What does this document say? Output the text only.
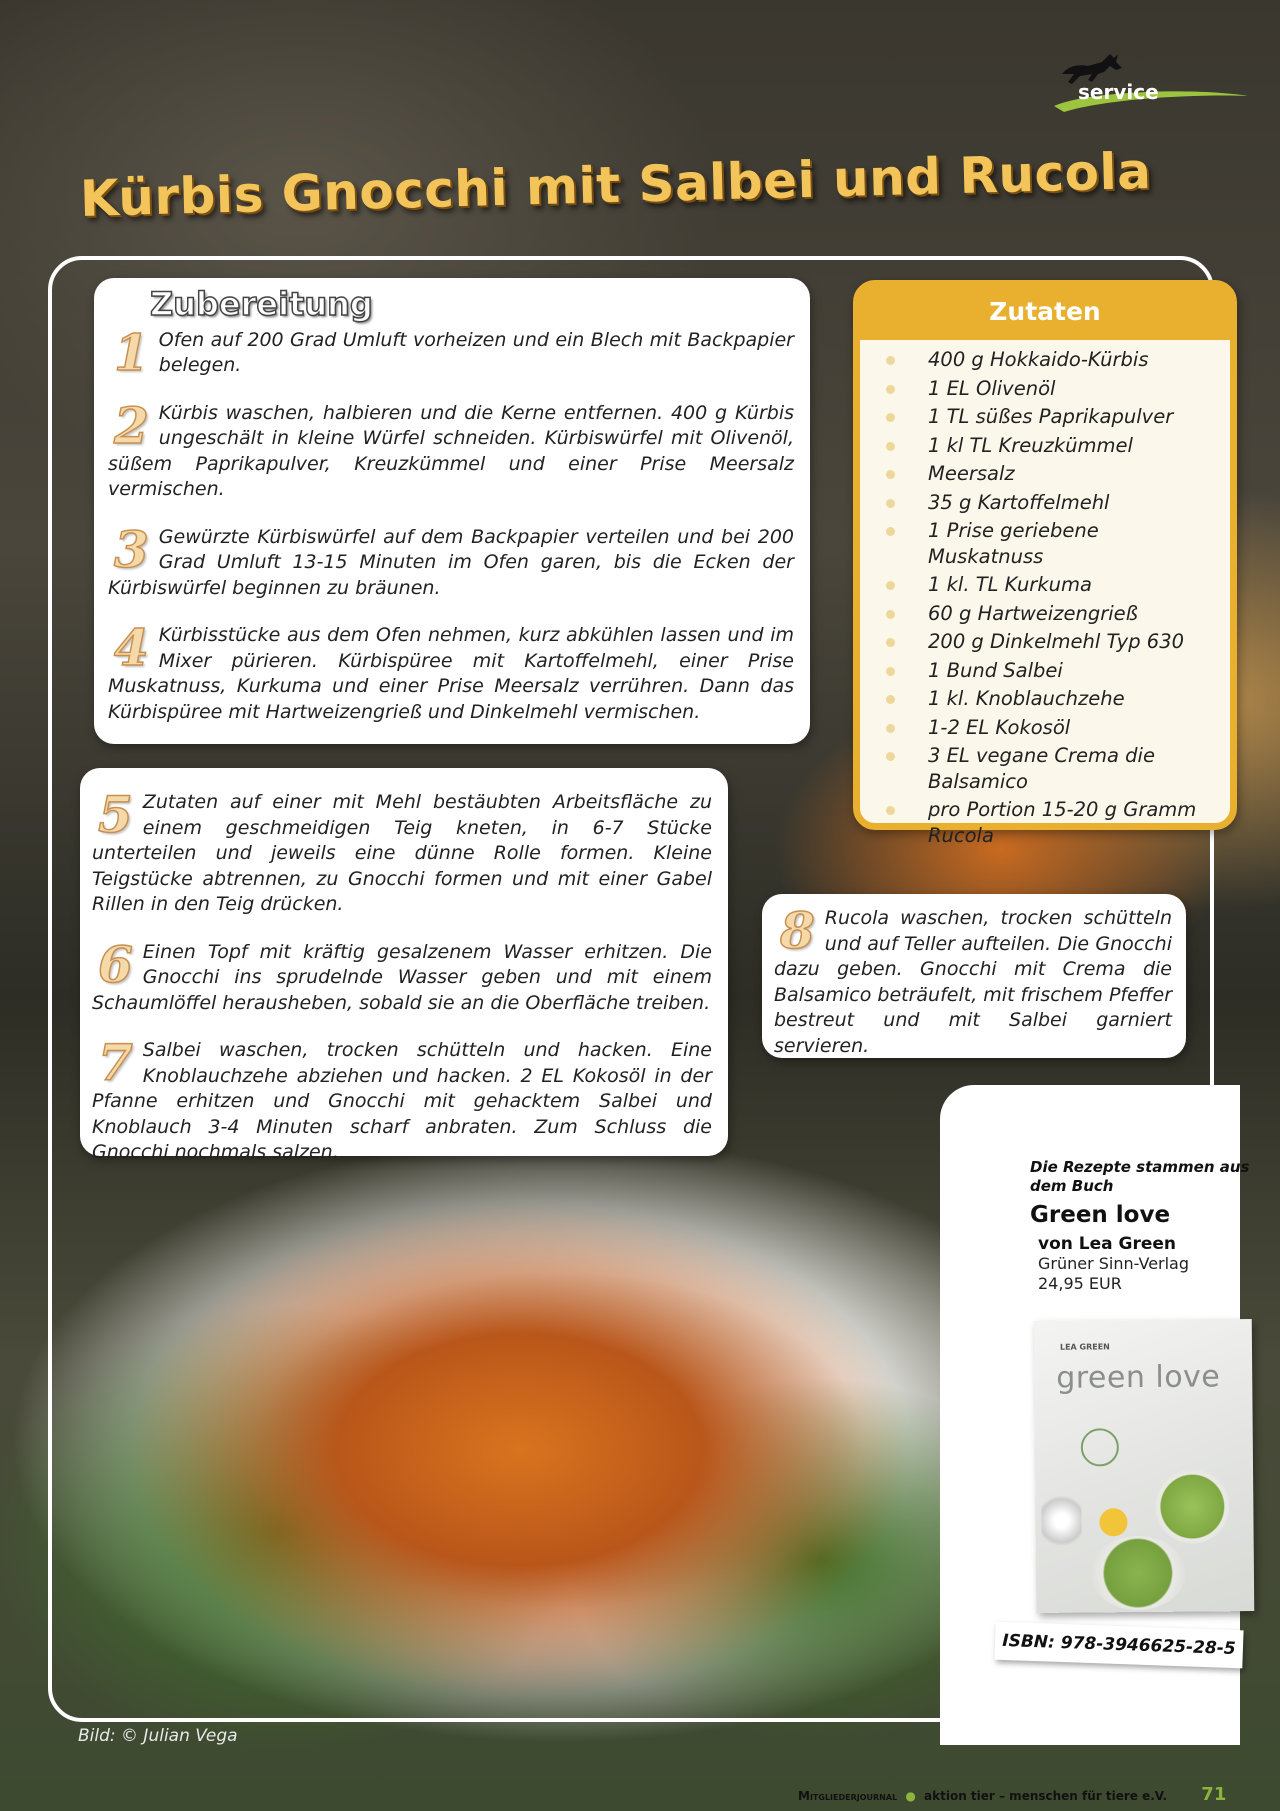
service
Kürbis Gnocchi mit Salbei und Rucola
Zubereitung
1 Ofen auf 200 Grad Umluft vorheizen und ein Blech mit Backpapier belegen.

2 Kürbis waschen, halbieren und die Kerne entfernen. 400 g Kürbis ungeschält in kleine Würfel schneiden. Kürbiswürfel mit Olivenöl, süßem Paprikapulver, Kreuzkümmel und einer Prise Meersalz vermischen.

3 Gewürzte Kürbiswürfel auf dem Backpapier verteilen und bei 200 Grad Umluft 13-15 Minuten im Ofen garen, bis die Ecken der Kürbiswürfel beginnen zu bräunen.

4 Kürbisstücke aus dem Ofen nehmen, kurz abkühlen lassen und im Mixer pürieren. Kürbispüree mit Kartoffelmehl, einer Prise Muskatnuss, Kurkuma und einer Prise Meersalz verrühren. Dann das Kürbispüree mit Hartweizengrieß und Dinkelmehl vermischen.

5 Zutaten auf einer mit Mehl bestäubten Arbeitsfläche zu einem geschmeidigen Teig kneten, in 6-7 Stücke unterteilen und jeweils eine dünne Rolle formen. Kleine Teigstücke abtrennen, zu Gnocchi formen und mit einer Gabel Rillen in den Teig drücken.

6 Einen Topf mit kräftig gesalzenem Wasser erhitzen. Die Gnocchi ins sprudelnde Wasser geben und mit einem Schaumlöffel herausheben, sobald sie an die Oberfläche treiben.

7 Salbei waschen, trocken schütteln und hacken. Eine Knoblauchzehe abziehen und hacken. 2 EL Kokosöl in der Pfanne erhitzen und Gnocchi mit gehacktem Salbei und Knoblauch 3-4 Minuten scharf anbraten. Zum Schluss die Gnocchi nochmals salzen.

8 Rucola waschen, trocken schütteln und auf Teller aufteilen. Die Gnocchi dazu geben. Gnocchi mit Crema die Balsamico beträufelt, mit frischem Pfeffer bestreut und mit Salbei garniert servieren.

Zutaten
400 g Hokkaido-Kürbis
1 EL Olivenöl
1 TL süßes Paprikapulver
1 kl TL Kreuzkümmel
Meersalz
35 g Kartoffelmehl
1 Prise geriebene Muskatnuss
1 kl. TL Kurkuma
60 g Hartweizengrieß
200 g Dinkelmehl Typ 630
1 Bund Salbei
1 kl. Knoblauchzehe
1-2 EL Kokosöl
3 EL vegane Crema die Balsamico
pro Portion 15-20 g Gramm Rucola
Die Rezepte stammen aus dem Buch
Green love
von Lea Green
Grüner Sinn-Verlag
24,95 EUR
LEA GREEN
green love
ISBN: 978-3946625-28-5
Bild: © Julian Vega
Mitgliederjournal ● aktion tier – menschen für tiere e.V. 71
